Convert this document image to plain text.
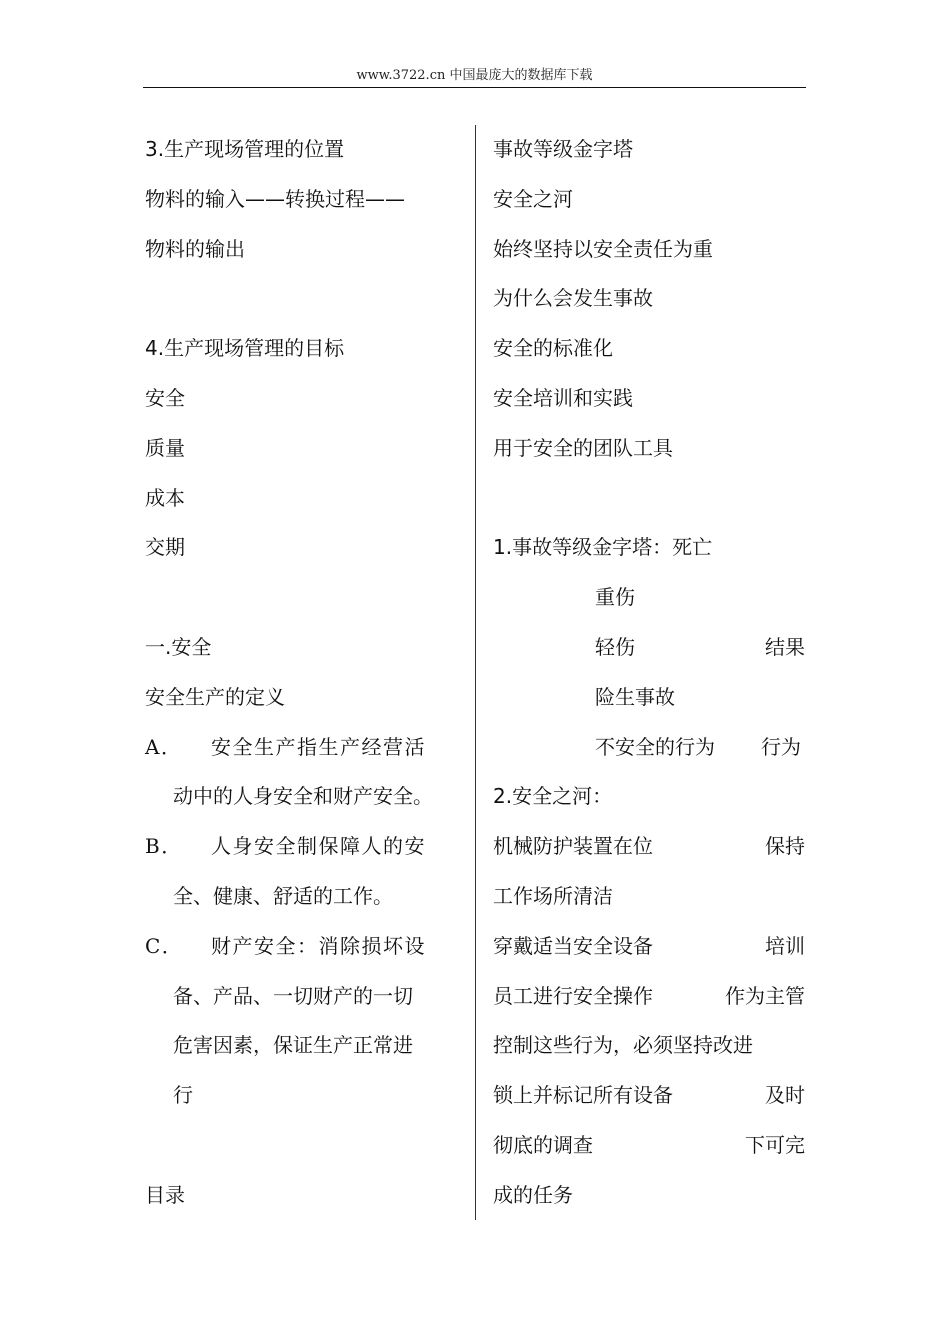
www.3722.cn 中国最庞大的数据库下载
3.生产现场管理的位置
物料的输入——转换过程——
物料的输出
4.生产现场管理的目标
安全
质量
成本
交期
一.安全
安全生产的定义
A． 安全生产指生产经营活
动中的人身安全和财产安全。
B． 人身安全制保障人的安
全、健康、舒适的工作。
C． 财产安全：消除损坏设
备、产品、一切财产的一切
危害因素，保证生产正常进
行
目录
事故等级金字塔
安全之河
始终坚持以安全责任为重
为什么会发生事故
安全的标准化
安全培训和实践
用于安全的团队工具
1.事故等级金字塔：死亡
重伤
轻伤	结果
险生事故
不安全的行为 行为
2.安全之河：
机械防护装置在位	保持
工作场所清洁
穿戴适当安全设备	培训
员工进行安全操作	作为主管
控制这些行为，必须坚持改进
锁上并标记所有设备	及时
彻底的调查	下可完
成的任务
